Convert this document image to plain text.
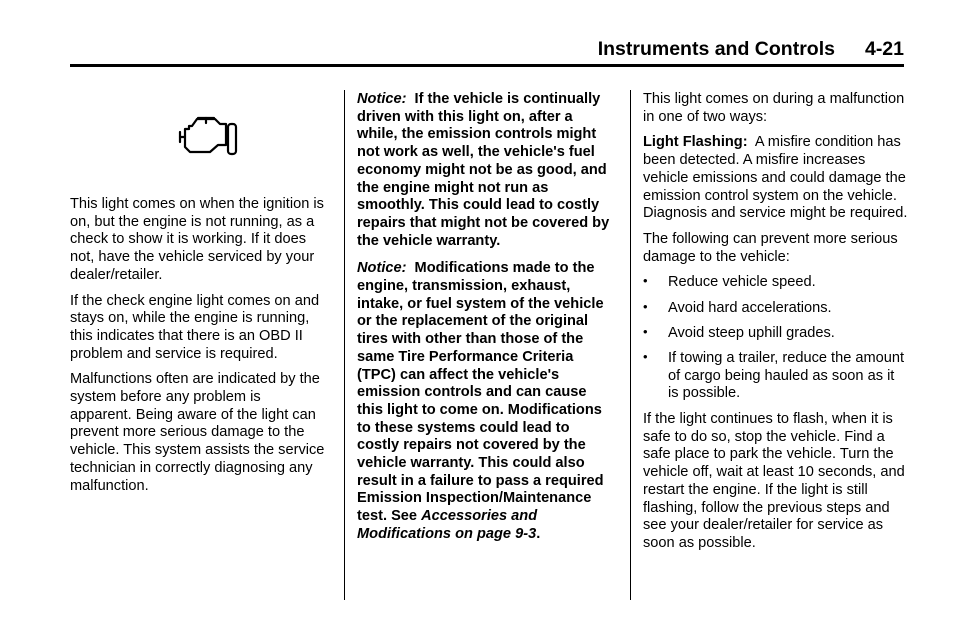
Instruments and Controls 4-21

This light comes on when the ignition is on, but the engine is not running, as a check to show it is working. If it does not, have the vehicle serviced by your dealer/retailer.

If the check engine light comes on and stays on, while the engine is running, this indicates that there is an OBD II problem and service is required.

Malfunctions often are indicated by the system before any problem is apparent. Being aware of the light can prevent more serious damage to the vehicle. This system assists the service technician in correctly diagnosing any malfunction.

Notice: If the vehicle is continually driven with this light on, after a while, the emission controls might not work as well, the vehicle's fuel economy might not be as good, and the engine might not run as smoothly. This could lead to costly repairs that might not be covered by the vehicle warranty.

Notice: Modifications made to the engine, transmission, exhaust, intake, or fuel system of the vehicle or the replacement of the original tires with other than those of the same Tire Performance Criteria (TPC) can affect the vehicle's emission controls and can cause this light to come on. Modifications to these systems could lead to costly repairs not covered by the vehicle warranty. This could also result in a failure to pass a required Emission Inspection/Maintenance test. See Accessories and Modifications on page 9-3.

This light comes on during a malfunction in one of two ways:

Light Flashing: A misfire condition has been detected. A misfire increases vehicle emissions and could damage the emission control system on the vehicle. Diagnosis and service might be required.

The following can prevent more serious damage to the vehicle:

• Reduce vehicle speed.
• Avoid hard accelerations.
• Avoid steep uphill grades.
• If towing a trailer, reduce the amount of cargo being hauled as soon as it is possible.

If the light continues to flash, when it is safe to do so, stop the vehicle. Find a safe place to park the vehicle. Turn the vehicle off, wait at least 10 seconds, and restart the engine. If the light is still flashing, follow the previous steps and see your dealer/retailer for service as soon as possible.
